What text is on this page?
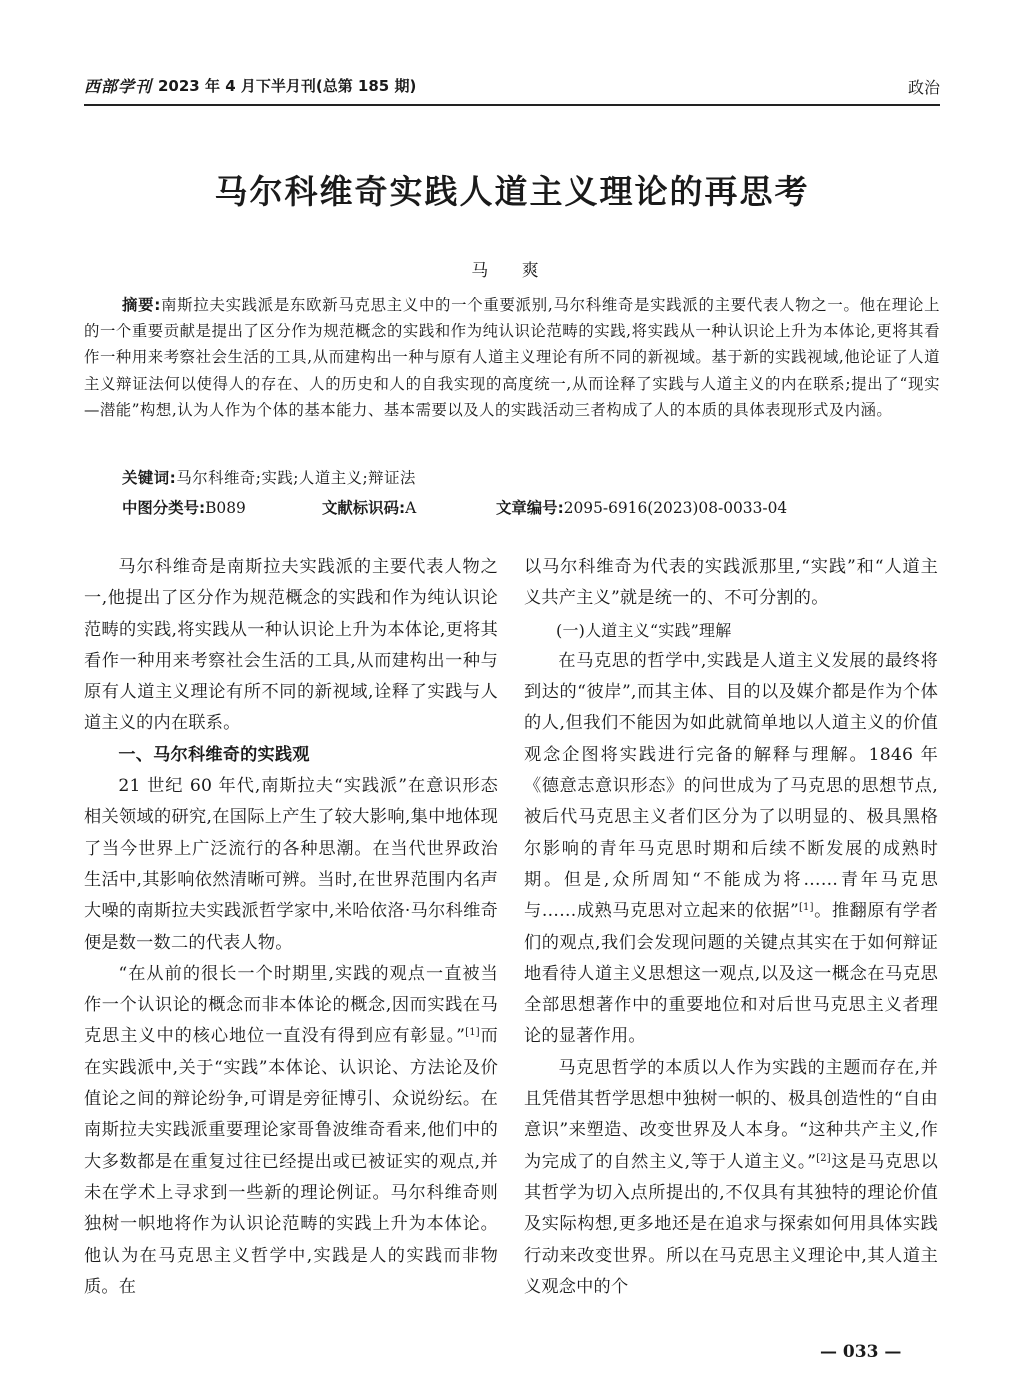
西部学刊 2023 年 4 月下半月刊(总第 185 期)	政治
马尔科维奇实践人道主义理论的再思考
马 爽
摘要:南斯拉夫实践派是东欧新马克思主义中的一个重要派别,马尔科维奇是实践派的主要代表人物之一。他在理论上的一个重要贡献是提出了区分作为规范概念的实践和作为纯认识论范畴的实践,将实践从一种认识论上升为本体论,更将其看作一种用来考察社会生活的工具,从而建构出一种与原有人道主义理论有所不同的新视域。基于新的实践视域,他论证了人道主义辩证法何以使得人的存在、人的历史和人的自我实现的高度统一,从而诠释了实践与人道主义的内在联系;提出了“现实—潜能”构想,认为人作为个体的基本能力、基本需要以及人的实践活动三者构成了人的本质的具体表现形式及内涵。
关键词:马尔科维奇;实践;人道主义;辩证法
中图分类号:B089	文献标识码:A	文章编号:2095-6916(2023)08-0033-04

马尔科维奇是南斯拉夫实践派的主要代表人物之一,他提出了区分作为规范概念的实践和作为纯认识论范畴的实践,将实践从一种认识论上升为本体论,更将其看作一种用来考察社会生活的工具,从而建构出一种与原有人道主义理论有所不同的新视域,诠释了实践与人道主义的内在联系。

一、马尔科维奇的实践观

21 世纪 60 年代,南斯拉夫“实践派”在意识形态相关领域的研究,在国际上产生了较大影响,集中地体现了当今世界上广泛流行的各种思潮。在当代世界政治生活中,其影响依然清晰可辨。当时,在世界范围内名声大噪的南斯拉夫实践派哲学家中,米哈依洛·马尔科维奇便是数一数二的代表人物。

“在从前的很长一个时期里,实践的观点一直被当作一个认识论的概念而非本体论的概念,因而实践在马克思主义中的核心地位一直没有得到应有彰显。”[1]而在实践派中,关于“实践”本体论、认识论、方法论及价值论之间的辩论纷争,可谓是旁征博引、众说纷纭。在南斯拉夫实践派重要理论家哥鲁波维奇看来,他们中的大多数都是在重复过往已经提出或已被证实的观点,并未在学术上寻求到一些新的理论例证。马尔科维奇则独树一帜地将作为认识论范畴的实践上升为本体论。他认为在马克思主义哲学中,实践是人的实践而非物质。在

以马尔科维奇为代表的实践派那里,“实践”和“人道主义共产主义”就是统一的、不可分割的。

(一)人道主义“实践”理解

在马克思的哲学中,实践是人道主义发展的最终将到达的“彼岸”,而其主体、目的以及媒介都是作为个体的人,但我们不能因为如此就简单地以人道主义的价值观念企图将实践进行完备的解释与理解。1846 年《德意志意识形态》的问世成为了马克思的思想节点,被后代马克思主义者们区分为了以明显的、极具黑格尔影响的青年马克思时期和后续不断发展的成熟时期。但是,众所周知“不能成为将……青年马克思与……成熟马克思对立起来的依据”[1]。推翻原有学者们的观点,我们会发现问题的关键点其实在于如何辩证地看待人道主义思想这一观点,以及这一概念在马克思全部思想著作中的重要地位和对后世马克思主义者理论的显著作用。

马克思哲学的本质以人作为实践的主题而存在,并且凭借其哲学思想中独树一帜的、极具创造性的“自由意识”来塑造、改变世界及人本身。“这种共产主义,作为完成了的自然主义,等于人道主义。”[2]这是马克思以其哲学为切入点所提出的,不仅具有其独特的理论价值及实际构想,更多地还是在追求与探索如何用具体实践行动来改变世界。所以在马克思主义理论中,其人道主义观念中的个

— 033 —
